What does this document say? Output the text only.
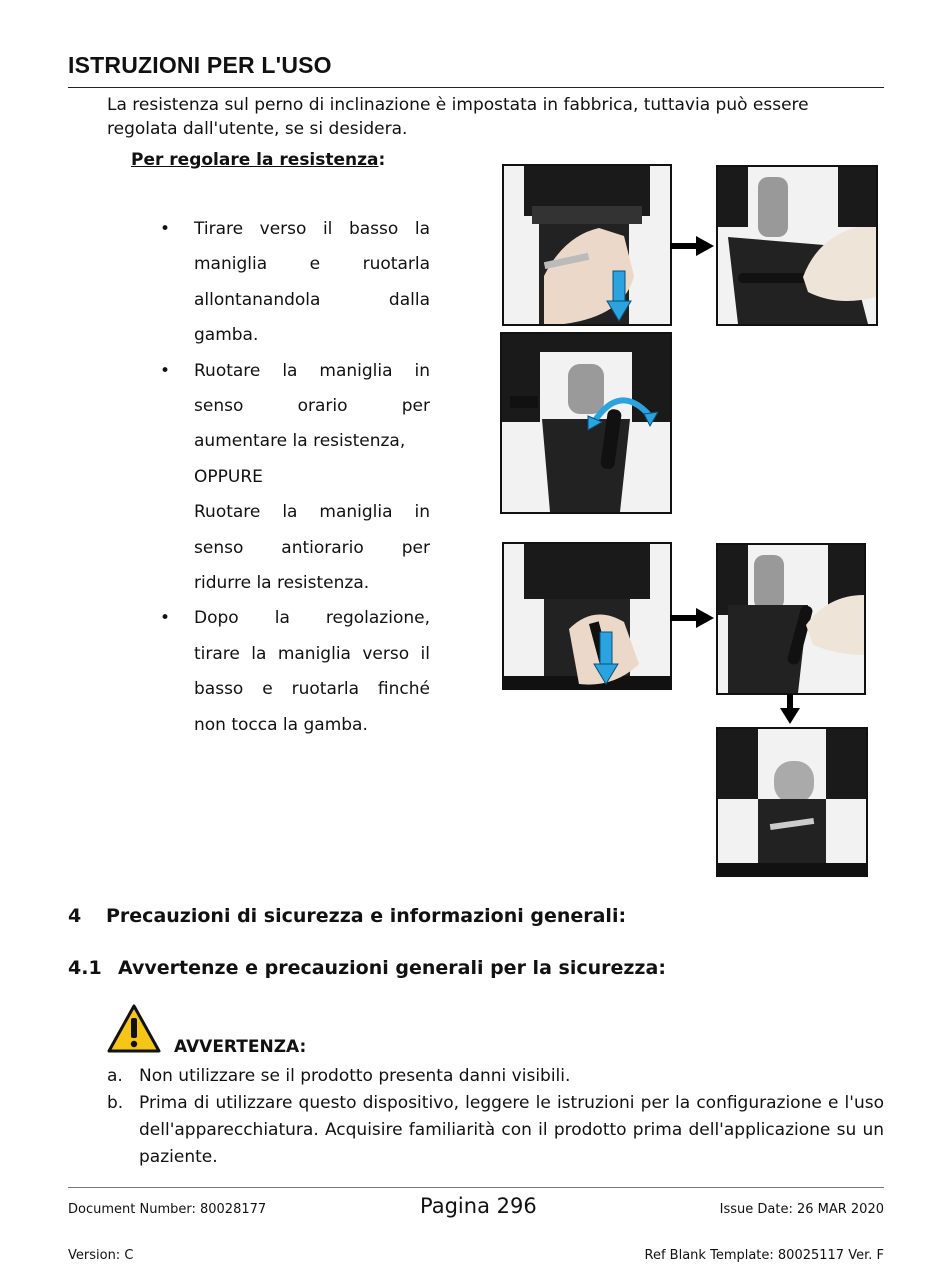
ISTRUZIONI PER L'USO
La resistenza sul perno di inclinazione è impostata in fabbrica, tuttavia può essere regolata dall'utente, se si desidera.
Per regolare la resistenza:
• Tirare verso il basso la
maniglia e ruotarla
allontanandola dalla
gamba.
• Ruotare la maniglia in
senso orario per
aumentare la resistenza,
OPPURE
Ruotare la maniglia in
senso antiorario per
ridurre la resistenza.
• Dopo la regolazione,
tirare la maniglia verso il
basso e ruotarla finché
non tocca la gamba.
4 Precauzioni di sicurezza e informazioni generali:
4.1 Avvertenze e precauzioni generali per la sicurezza:
AVVERTENZA:
a. Non utilizzare se il prodotto presenta danni visibili.
b. Prima di utilizzare questo dispositivo, leggere le istruzioni per la configurazione e l'uso dell'apparecchiatura. Acquisire familiarità con il prodotto prima dell'applicazione su un paziente.
Document Number: 80028177	Pagina 296	Issue Date: 26 MAR 2020
Version: C	Ref Blank Template: 80025117 Ver. F
